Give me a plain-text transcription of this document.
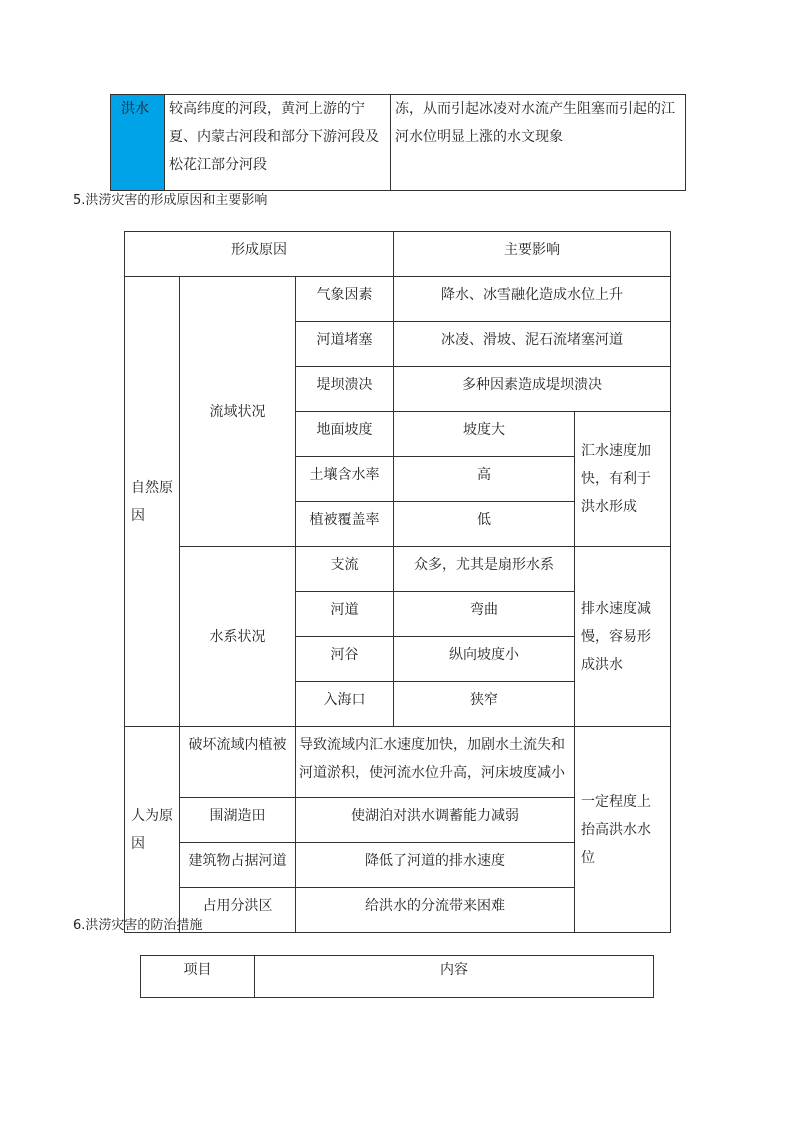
洪水	较高纬度的河段，黄河上游的宁夏、内蒙古河段和部分下游河段及松花江部分河段	冻，从而引起冰凌对水流产生阻塞而引起的江河水位明显上涨的水文现象
5.洪涝灾害的形成原因和主要影响
形成原因			主要影响	
自然原因	流域状况	气象因素	降水、冰雪融化造成水位上升	
		河道堵塞	冰凌、滑坡、泥石流堵塞河道	
		堤坝溃决	多种因素造成堤坝溃决	
		地面坡度	坡度大	汇水速度加快，有利于洪水形成
		土壤含水率	高	
		植被覆盖率	低	
	水系状况	支流	众多，尤其是扇形水系	排水速度减慢，容易形成洪水
		河道	弯曲	
		河谷	纵向坡度小	
		入海口	狭窄	
人为原因	破坏流域内植被	导致流域内汇水速度加快，加剧水土流失和河道淤积，使河流水位升高，河床坡度减小		一定程度上抬高洪水水位
	围湖造田	使湖泊对洪水调蓄能力减弱		
	建筑物占据河道	降低了河道的排水速度		
	占用分洪区	给洪水的分流带来困难		
6.洪涝灾害的防治措施
项目	内容
